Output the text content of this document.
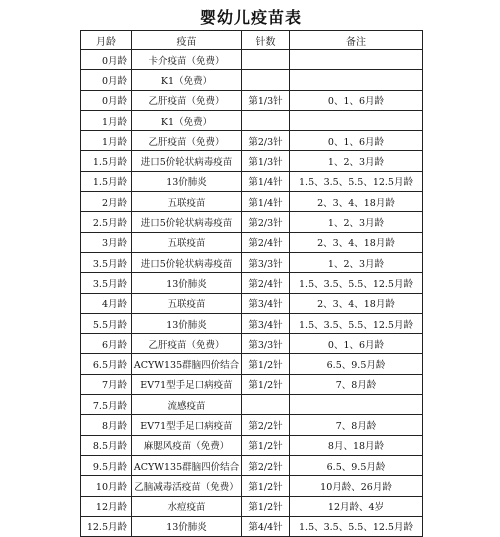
婴幼儿疫苗表
月龄	疫苗	针数	备注
0月龄	卡介疫苗（免费）		
0月龄	K1（免费）		
0月龄	乙肝疫苗（免费）	第1/3针	0、1、6月龄
1月龄	K1（免费）		
1月龄	乙肝疫苗（免费）	第2/3针	0、1、6月龄
1.5月龄	进口5价轮状病毒疫苗	第1/3针	1、2、3月龄
1.5月龄	13价肺炎	第1/4针	1.5、3.5、5.5、12.5月龄
2月龄	五联疫苗	第1/4针	2、3、4、18月龄
2.5月龄	进口5价轮状病毒疫苗	第2/3针	1、2、3月龄
3月龄	五联疫苗	第2/4针	2、3、4、18月龄
3.5月龄	进口5价轮状病毒疫苗	第3/3针	1、2、3月龄
3.5月龄	13价肺炎	第2/4针	1.5、3.5、5.5、12.5月龄
4月龄	五联疫苗	第3/4针	2、3、4、18月龄
5.5月龄	13价肺炎	第3/4针	1.5、3.5、5.5、12.5月龄
6月龄	乙肝疫苗（免费）	第3/3针	0、1、6月龄
6.5月龄	ACYW135群脑四价结合	第1/2针	6.5、9.5月龄
7月龄	EV71型手足口病疫苗	第1/2针	7、8月龄
7.5月龄	流感疫苗		
8月龄	EV71型手足口病疫苗	第2/2针	7、8月龄
8.5月龄	麻腮风疫苗（免费）	第1/2针	8月、18月龄
9.5月龄	ACYW135群脑四价结合	第2/2针	6.5、9.5月龄
10月龄	乙脑减毒活疫苗（免费）	第1/2针	10月龄、26月龄
12月龄	水痘疫苗	第1/2针	12月龄、4岁
12.5月龄	13价肺炎	第4/4针	1.5、3.5、5.5、12.5月龄
